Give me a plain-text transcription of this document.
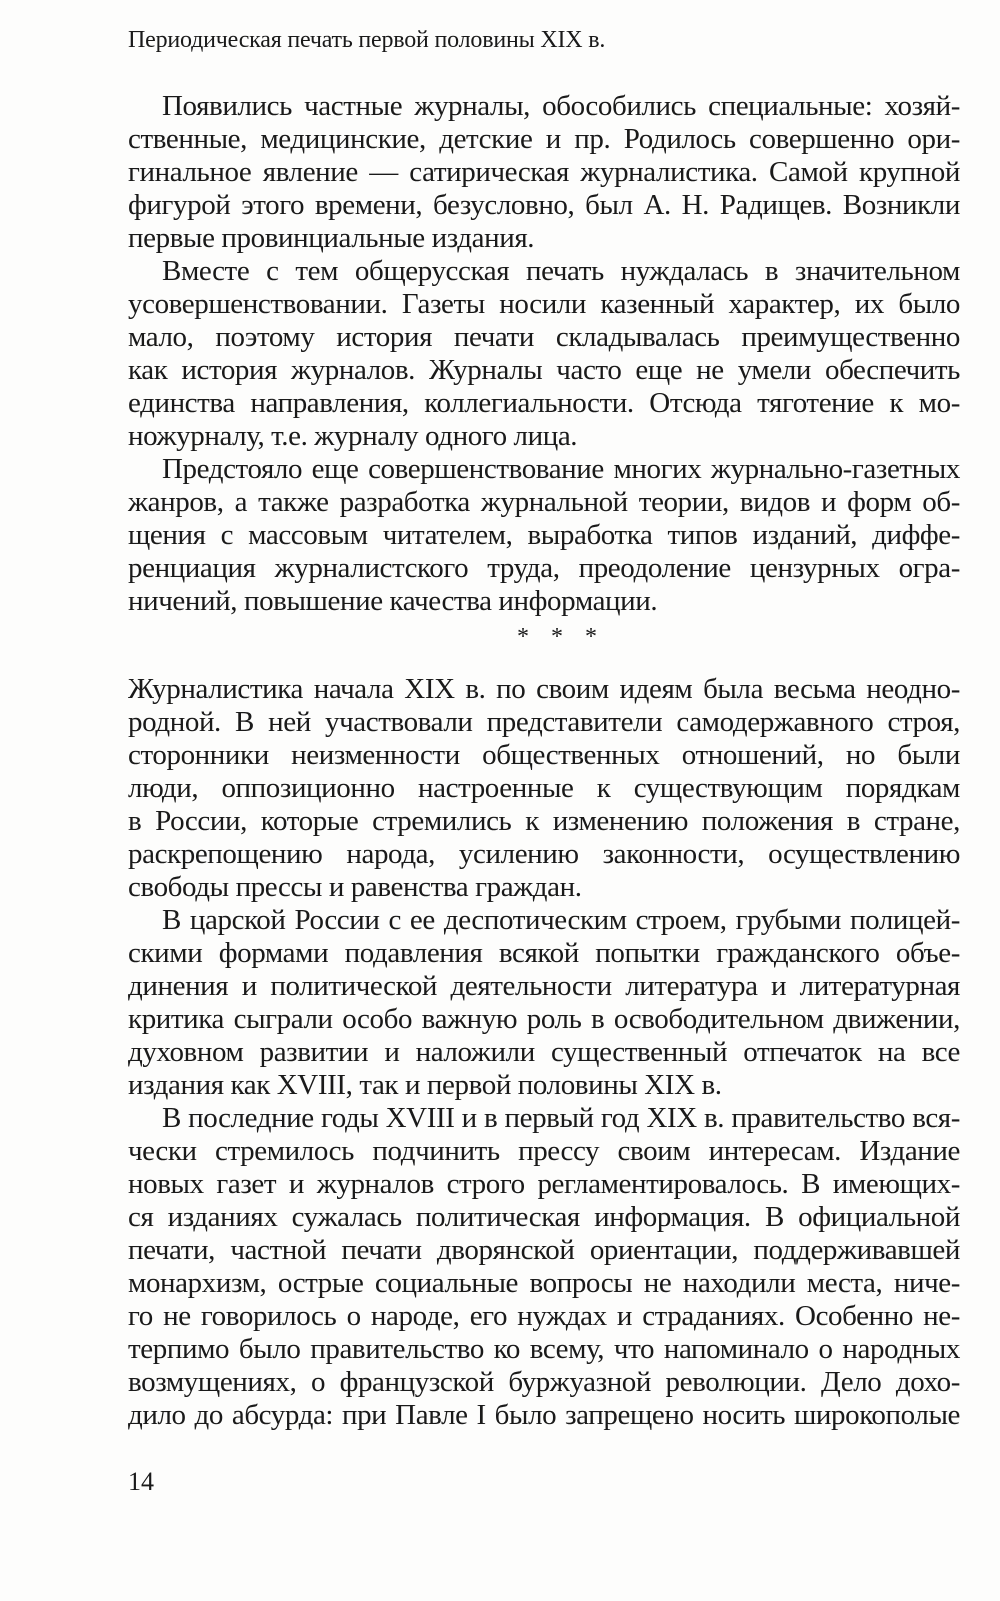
Периодическая печать первой половины XIX в.
Появились частные журналы, обособились специальные: хозяй-
ственные, медицинские, детские и пр. Родилось совершенно ори-
гинальное явление — сатирическая журналистика. Самой крупной
фигурой этого времени, безусловно, был А. Н. Радищев. Возникли
первые провинциальные издания.
Вместе с тем общерусская печать нуждалась в значительном
усовершенствовании. Газеты носили казенный характер, их было
мало, поэтому история печати складывалась преимущественно
как история журналов. Журналы часто еще не умели обеспечить
единства направления, коллегиальности. Отсюда тяготение к мо-
ножурналу, т.е. журналу одного лица.
Предстояло еще совершенствование многих журнально-газетных
жанров, а также разработка журнальной теории, видов и форм об-
щения с массовым читателем, выработка типов изданий, диффе-
ренциация журналистского труда, преодоление цензурных огра-
ничений, повышение качества информации.
* * *
Журналистика начала XIX в. по своим идеям была весьма неодно-
родной. В ней участвовали представители самодержавного строя,
сторонники неизменности общественных отношений, но были
люди, оппозиционно настроенные к существующим порядкам
в России, которые стремились к изменению положения в стране,
раскрепощению народа, усилению законности, осуществлению
свободы прессы и равенства граждан.
В царской России с ее деспотическим строем, грубыми полицей-
скими формами подавления всякой попытки гражданского объе-
динения и политической деятельности литература и литературная
критика сыграли особо важную роль в освободительном движении,
духовном развитии и наложили существенный отпечаток на все
издания как XVIII, так и первой половины XIX в.
В последние годы XVIII и в первый год XIX в. правительство вся-
чески стремилось подчинить прессу своим интересам. Издание
новых газет и журналов строго регламентировалось. В имеющих-
ся изданиях сужалась политическая информация. В официальной
печати, частной печати дворянской ориентации, поддерживавшей
монархизм, острые социальные вопросы не находили места, ниче-
го не говорилось о народе, его нуждах и страданиях. Особенно не-
терпимо было правительство ко всему, что напоминало о народных
возмущениях, о французской буржуазной революции. Дело дохо-
дило до абсурда: при Павле I было запрещено носить широкополые
14
